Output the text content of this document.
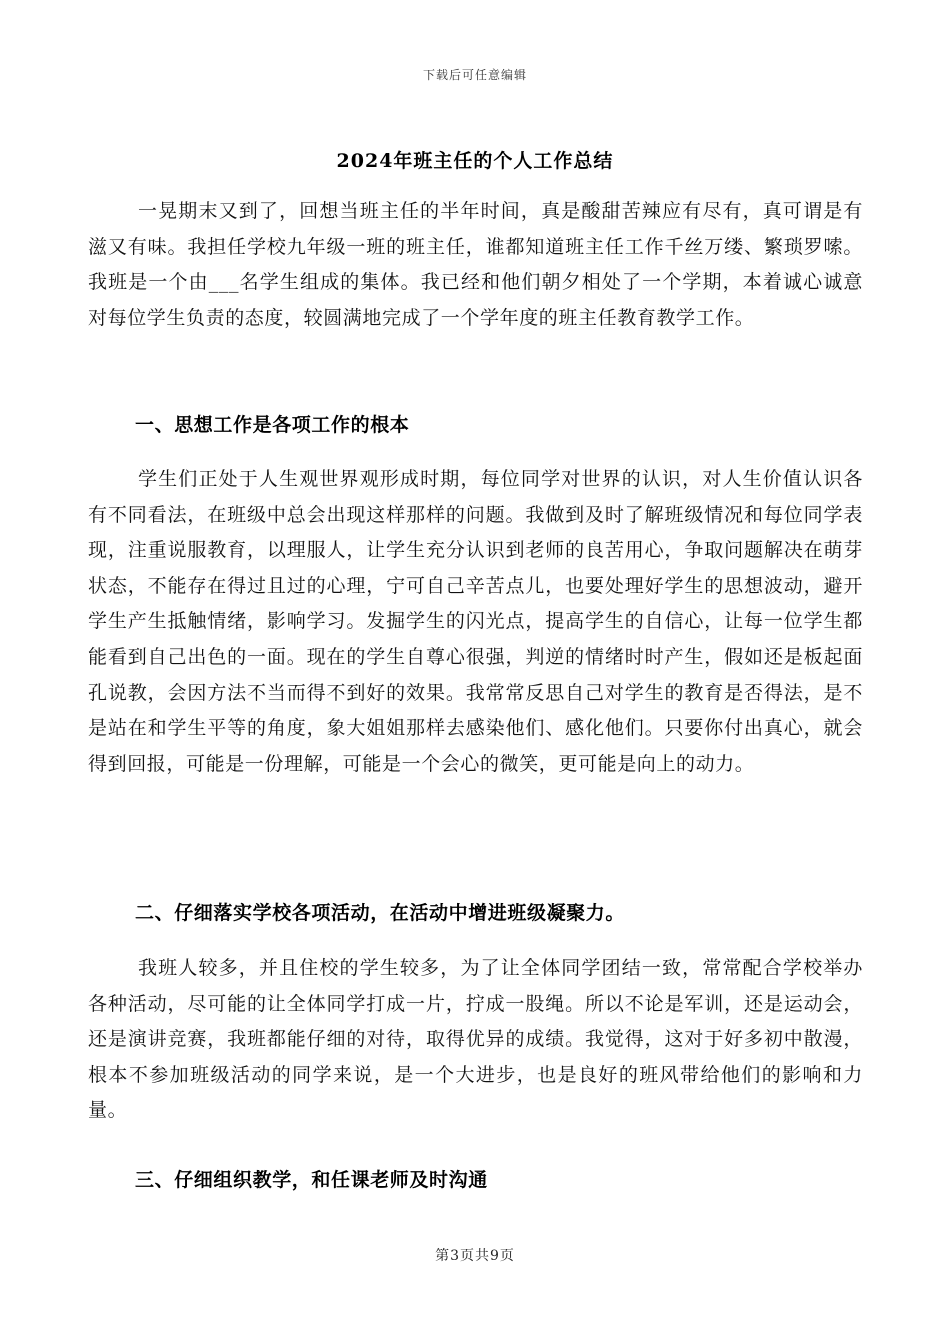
下载后可任意编辑
2024年班主任的个人工作总结

一晃期末又到了，回想当班主任的半年时间，真是酸甜苦辣应有尽有，真可谓是有滋又有味。我担任学校九年级一班的班主任，谁都知道班主任工作千丝万缕、繁琐罗嗦。我班是一个由___名学生组成的集体。我已经和他们朝夕相处了一个学期，本着诚心诚意对每位学生负责的态度，较圆满地完成了一个学年度的班主任教育教学工作。

一、思想工作是各项工作的根本

学生们正处于人生观世界观形成时期，每位同学对世界的认识，对人生价值认识各有不同看法，在班级中总会出现这样那样的问题。我做到及时了解班级情况和每位同学表现，注重说服教育，以理服人，让学生充分认识到老师的良苦用心，争取问题解决在萌芽状态，不能存在得过且过的心理，宁可自己辛苦点儿，也要处理好学生的思想波动，避开学生产生抵触情绪，影响学习。发掘学生的闪光点，提高学生的自信心，让每一位学生都能看到自己出色的一面。现在的学生自尊心很强，判逆的情绪时时产生，假如还是板起面孔说教，会因方法不当而得不到好的效果。我常常反思自己对学生的教育是否得法，是不是站在和学生平等的角度，象大姐姐那样去感染他们、感化他们。只要你付出真心，就会得到回报，可能是一份理解，可能是一个会心的微笑，更可能是向上的动力。

二、仔细落实学校各项活动，在活动中增进班级凝聚力。

我班人较多，并且住校的学生较多，为了让全体同学团结一致，常常配合学校举办各种活动，尽可能的让全体同学打成一片，拧成一股绳。所以不论是军训，还是运动会，还是演讲竞赛，我班都能仔细的对待，取得优异的成绩。我觉得，这对于好多初中散漫，根本不参加班级活动的同学来说，是一个大进步，也是良好的班风带给他们的影响和力量。

三、仔细组织教学，和任课老师及时沟通

第3页共9页
